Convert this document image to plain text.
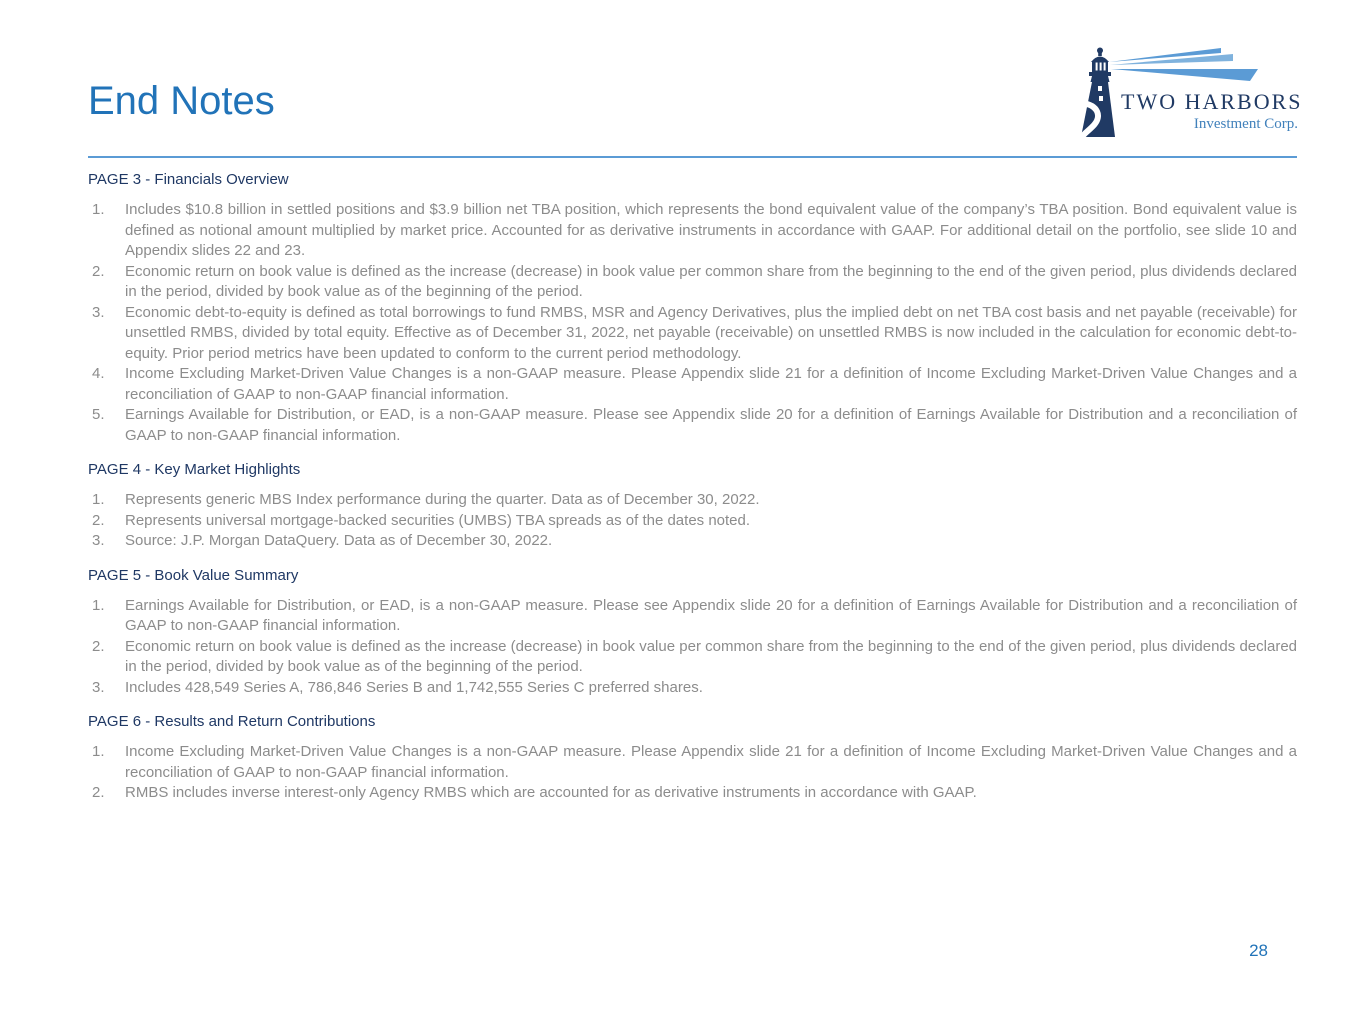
End Notes	TWO HARBORS
Investment Corp.
PAGE 3 - Financials Overview
Includes $10.8 billion in settled positions and $3.9 billion net TBA position, which represents the bond equivalent value of the company’s TBA position. Bond equivalent value is defined as notional amount multiplied by market price. Accounted for as derivative instruments in accordance with GAAP. For additional detail on the portfolio, see slide 10 and Appendix slides 22 and 23.
Economic return on book value is defined as the increase (decrease) in book value per common share from the beginning to the end of the given period, plus dividends declared in the period, divided by book value as of the beginning of the period.
Economic debt-to-equity is defined as total borrowings to fund RMBS, MSR and Agency Derivatives, plus the implied debt on net TBA cost basis and net payable (receivable) for unsettled RMBS, divided by total equity. Effective as of December 31, 2022, net payable (receivable) on unsettled RMBS is now included in the calculation for economic debt-to-equity. Prior period metrics have been updated to conform to the current period methodology.
Income Excluding Market-Driven Value Changes is a non-GAAP measure. Please Appendix slide 21 for a definition of Income Excluding Market-Driven Value Changes and a reconciliation of GAAP to non-GAAP financial information.
Earnings Available for Distribution, or EAD, is a non-GAAP measure. Please see Appendix slide 20 for a definition of Earnings Available for Distribution and a reconciliation of GAAP to non-GAAP financial information.
PAGE 4 - Key Market Highlights
Represents generic MBS Index performance during the quarter. Data as of December 30, 2022.
Represents universal mortgage-backed securities (UMBS) TBA spreads as of the dates noted.
Source: J.P. Morgan DataQuery. Data as of December 30, 2022.
PAGE 5 - Book Value Summary
Earnings Available for Distribution, or EAD, is a non-GAAP measure. Please see Appendix slide 20 for a definition of Earnings Available for Distribution and a reconciliation of GAAP to non-GAAP financial information.
Economic return on book value is defined as the increase (decrease) in book value per common share from the beginning to the end of the given period, plus dividends declared in the period, divided by book value as of the beginning of the period.
Includes 428,549 Series A, 786,846 Series B and 1,742,555 Series C preferred shares.
PAGE 6 - Results and Return Contributions
Income Excluding Market-Driven Value Changes is a non-GAAP measure. Please Appendix slide 21 for a definition of Income Excluding Market-Driven Value Changes and a reconciliation of GAAP to non-GAAP financial information.
RMBS includes inverse interest-only Agency RMBS which are accounted for as derivative instruments in accordance with GAAP.
28
